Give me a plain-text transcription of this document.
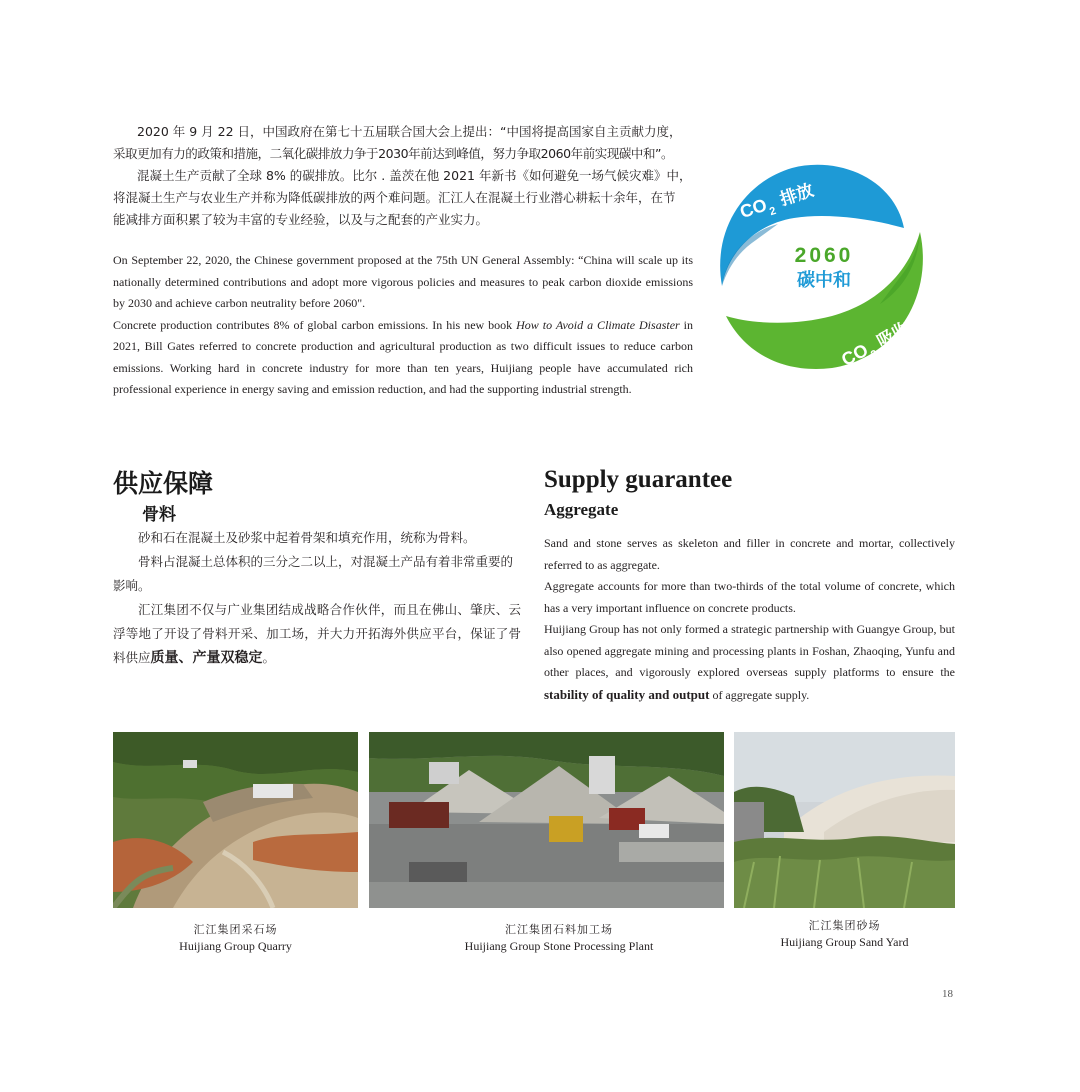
2020 年 9 月 22 日，中国政府在第七十五届联合国大会上提出：“中国将提高国家自主贡献力度，

采取更加有力的政策和措施，二氧化碳排放力争于2030年前达到峰值，努力争取2060年前实现碳中和”。

混凝土生产贡献了全球 8% 的碳排放。比尔 . 盖茨在他 2021 年新书《如何避免一场气候灾难》中，

将混凝土生产与农业生产并称为降低碳排放的两个难问题。汇江人在混凝土行业潜心耕耘十余年，在节

能减排方面积累了较为丰富的专业经验，以及与之配套的产业实力。

On September 22, 2020, the Chinese government proposed at the 75th UN General Assembly: “China will scale up its nationally determined contributions and adopt more vigorous policies and measures to peak carbon dioxide emissions by 2030 and achieve carbon neutrality before 2060".

Concrete production contributes 8% of global carbon emissions. In his new book How to Avoid a Climate Disaster in 2021, Bill Gates referred to concrete production and agricultural production as two difficult issues to reduce carbon emissions. Working hard in concrete industry for more than ten years, Huijiang people have accumulated rich professional experience in energy saving and emission reduction, and had the supporting industrial strength.

CO
2
排放
2060
碳中和
CO
2
吸收
供应保障
骨料

砂和石在混凝土及砂浆中起着骨架和填充作用，统称为骨料。

骨料占混凝土总体积的三分之二以上，对混凝土产品有着非常重要的影响。

汇江集团不仅与广业集团结成战略合作伙伴，而且在佛山、肇庆、云浮等地了开设了骨料开采、加工场，并大力开拓海外供应平台，保证了骨料供应质量、产量双稳定。

Supply guarantee
Aggregate

Sand and stone serves as skeleton and filler in concrete and mortar, collectively referred to as aggregate.

Aggregate accounts for more than two-thirds of the total volume of concrete, which has a very important influence on concrete products.

Huijiang Group has not only formed a strategic partnership with Guangye Group, but also opened aggregate mining and processing plants in Foshan, Zhaoqing, Yunfu and other places, and vigorously explored overseas supply platforms to ensure the stability of quality and output of aggregate supply.

汇江集团采石场
Huijiang Group Quarry
汇江集团石料加工场
Huijiang Group Stone Processing Plant
汇江集团砂场
Huijiang Group Sand Yard
18
